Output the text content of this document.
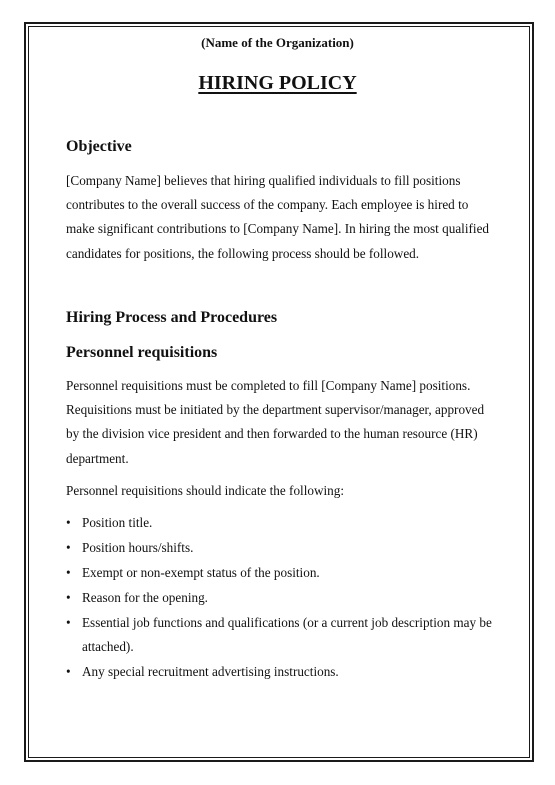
(Name of the Organization)
HIRING POLICY
Objective

[Company Name] believes that hiring qualified individuals to fill positions contributes to the overall success of the company. Each employee is hired to make significant contributions to [Company Name]. In hiring the most qualified candidates for positions, the following process should be followed.

Hiring Process and Procedures
Personnel requisitions

Personnel requisitions must be completed to fill [Company Name] positions. Requisitions must be initiated by the department supervisor/manager, approved by the division vice president and then forwarded to the human resource (HR) department.

Personnel requisitions should indicate the following:

• Position title.
• Position hours/shifts.
• Exempt or non-exempt status of the position.
• Reason for the opening.
• Essential job functions and qualifications (or a current job description may be attached).
• Any special recruitment advertising instructions.
